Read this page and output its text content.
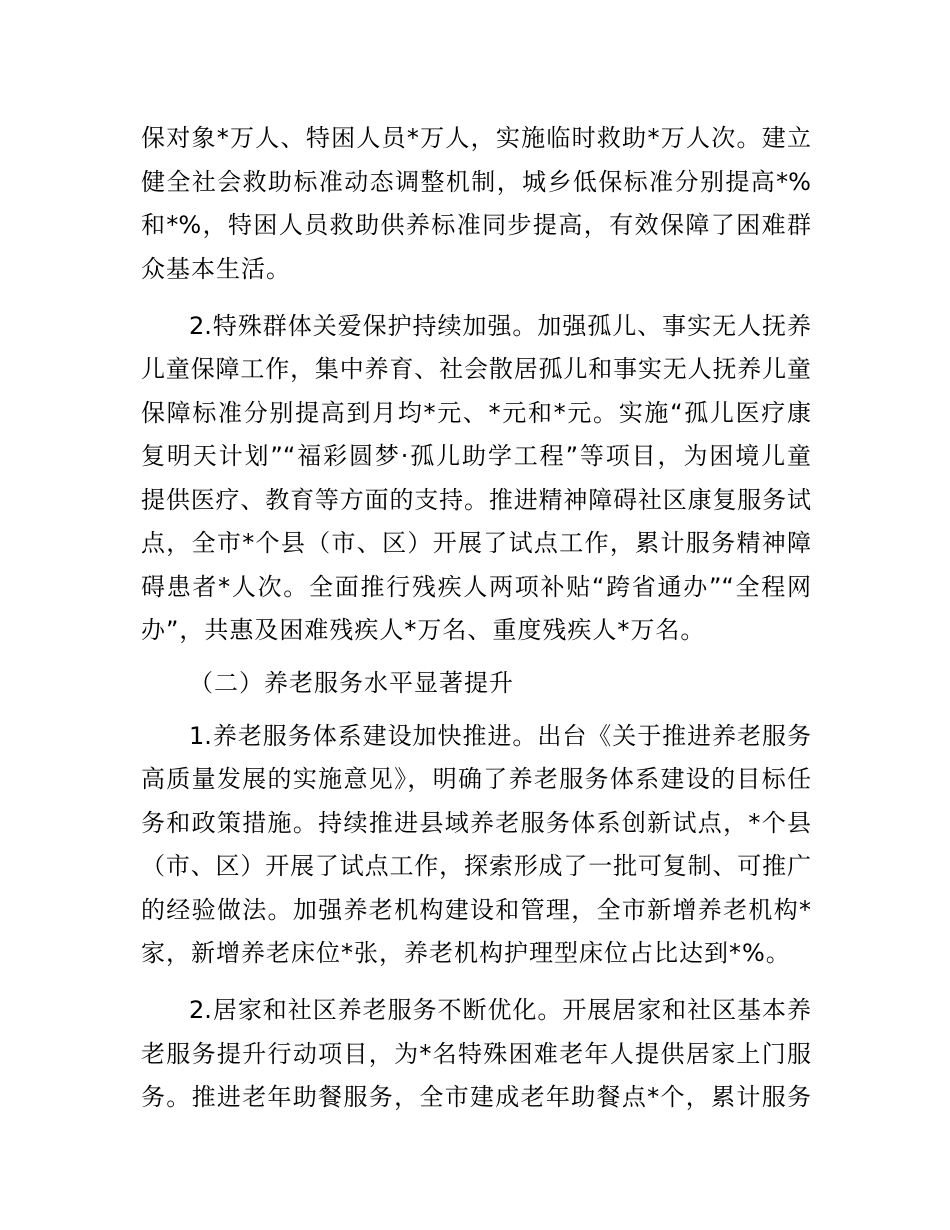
保对象*万人、特困人员*万人，实施临时救助*万人次。建立
健全社会救助标准动态调整机制，城乡低保标准分别提高*%
和*%，特困人员救助供养标准同步提高，有效保障了困难群
众基本生活。
2.特殊群体关爱保护持续加强。加强孤儿、事实无人抚养
儿童保障工作，集中养育、社会散居孤儿和事实无人抚养儿童
保障标准分别提高到月均*元、*元和*元。实施“孤儿医疗康
复明天计划”“福彩圆梦·孤儿助学工程”等项目，为困境儿童
提供医疗、教育等方面的支持。推进精神障碍社区康复服务试
点，全市*个县（市、区）开展了试点工作，累计服务精神障
碍患者*人次。全面推行残疾人两项补贴“跨省通办”“全程网
办”，共惠及困难残疾人*万名、重度残疾人*万名。
（二）养老服务水平显著提升
1.养老服务体系建设加快推进。出台《关于推进养老服务
高质量发展的实施意见》，明确了养老服务体系建设的目标任
务和政策措施。持续推进县域养老服务体系创新试点，*个县
（市、区）开展了试点工作，探索形成了一批可复制、可推广
的经验做法。加强养老机构建设和管理，全市新增养老机构*
家，新增养老床位*张，养老机构护理型床位占比达到*%。
2.居家和社区养老服务不断优化。开展居家和社区基本养
老服务提升行动项目，为*名特殊困难老年人提供居家上门服
务。推进老年助餐服务，全市建成老年助餐点*个，累计服务
